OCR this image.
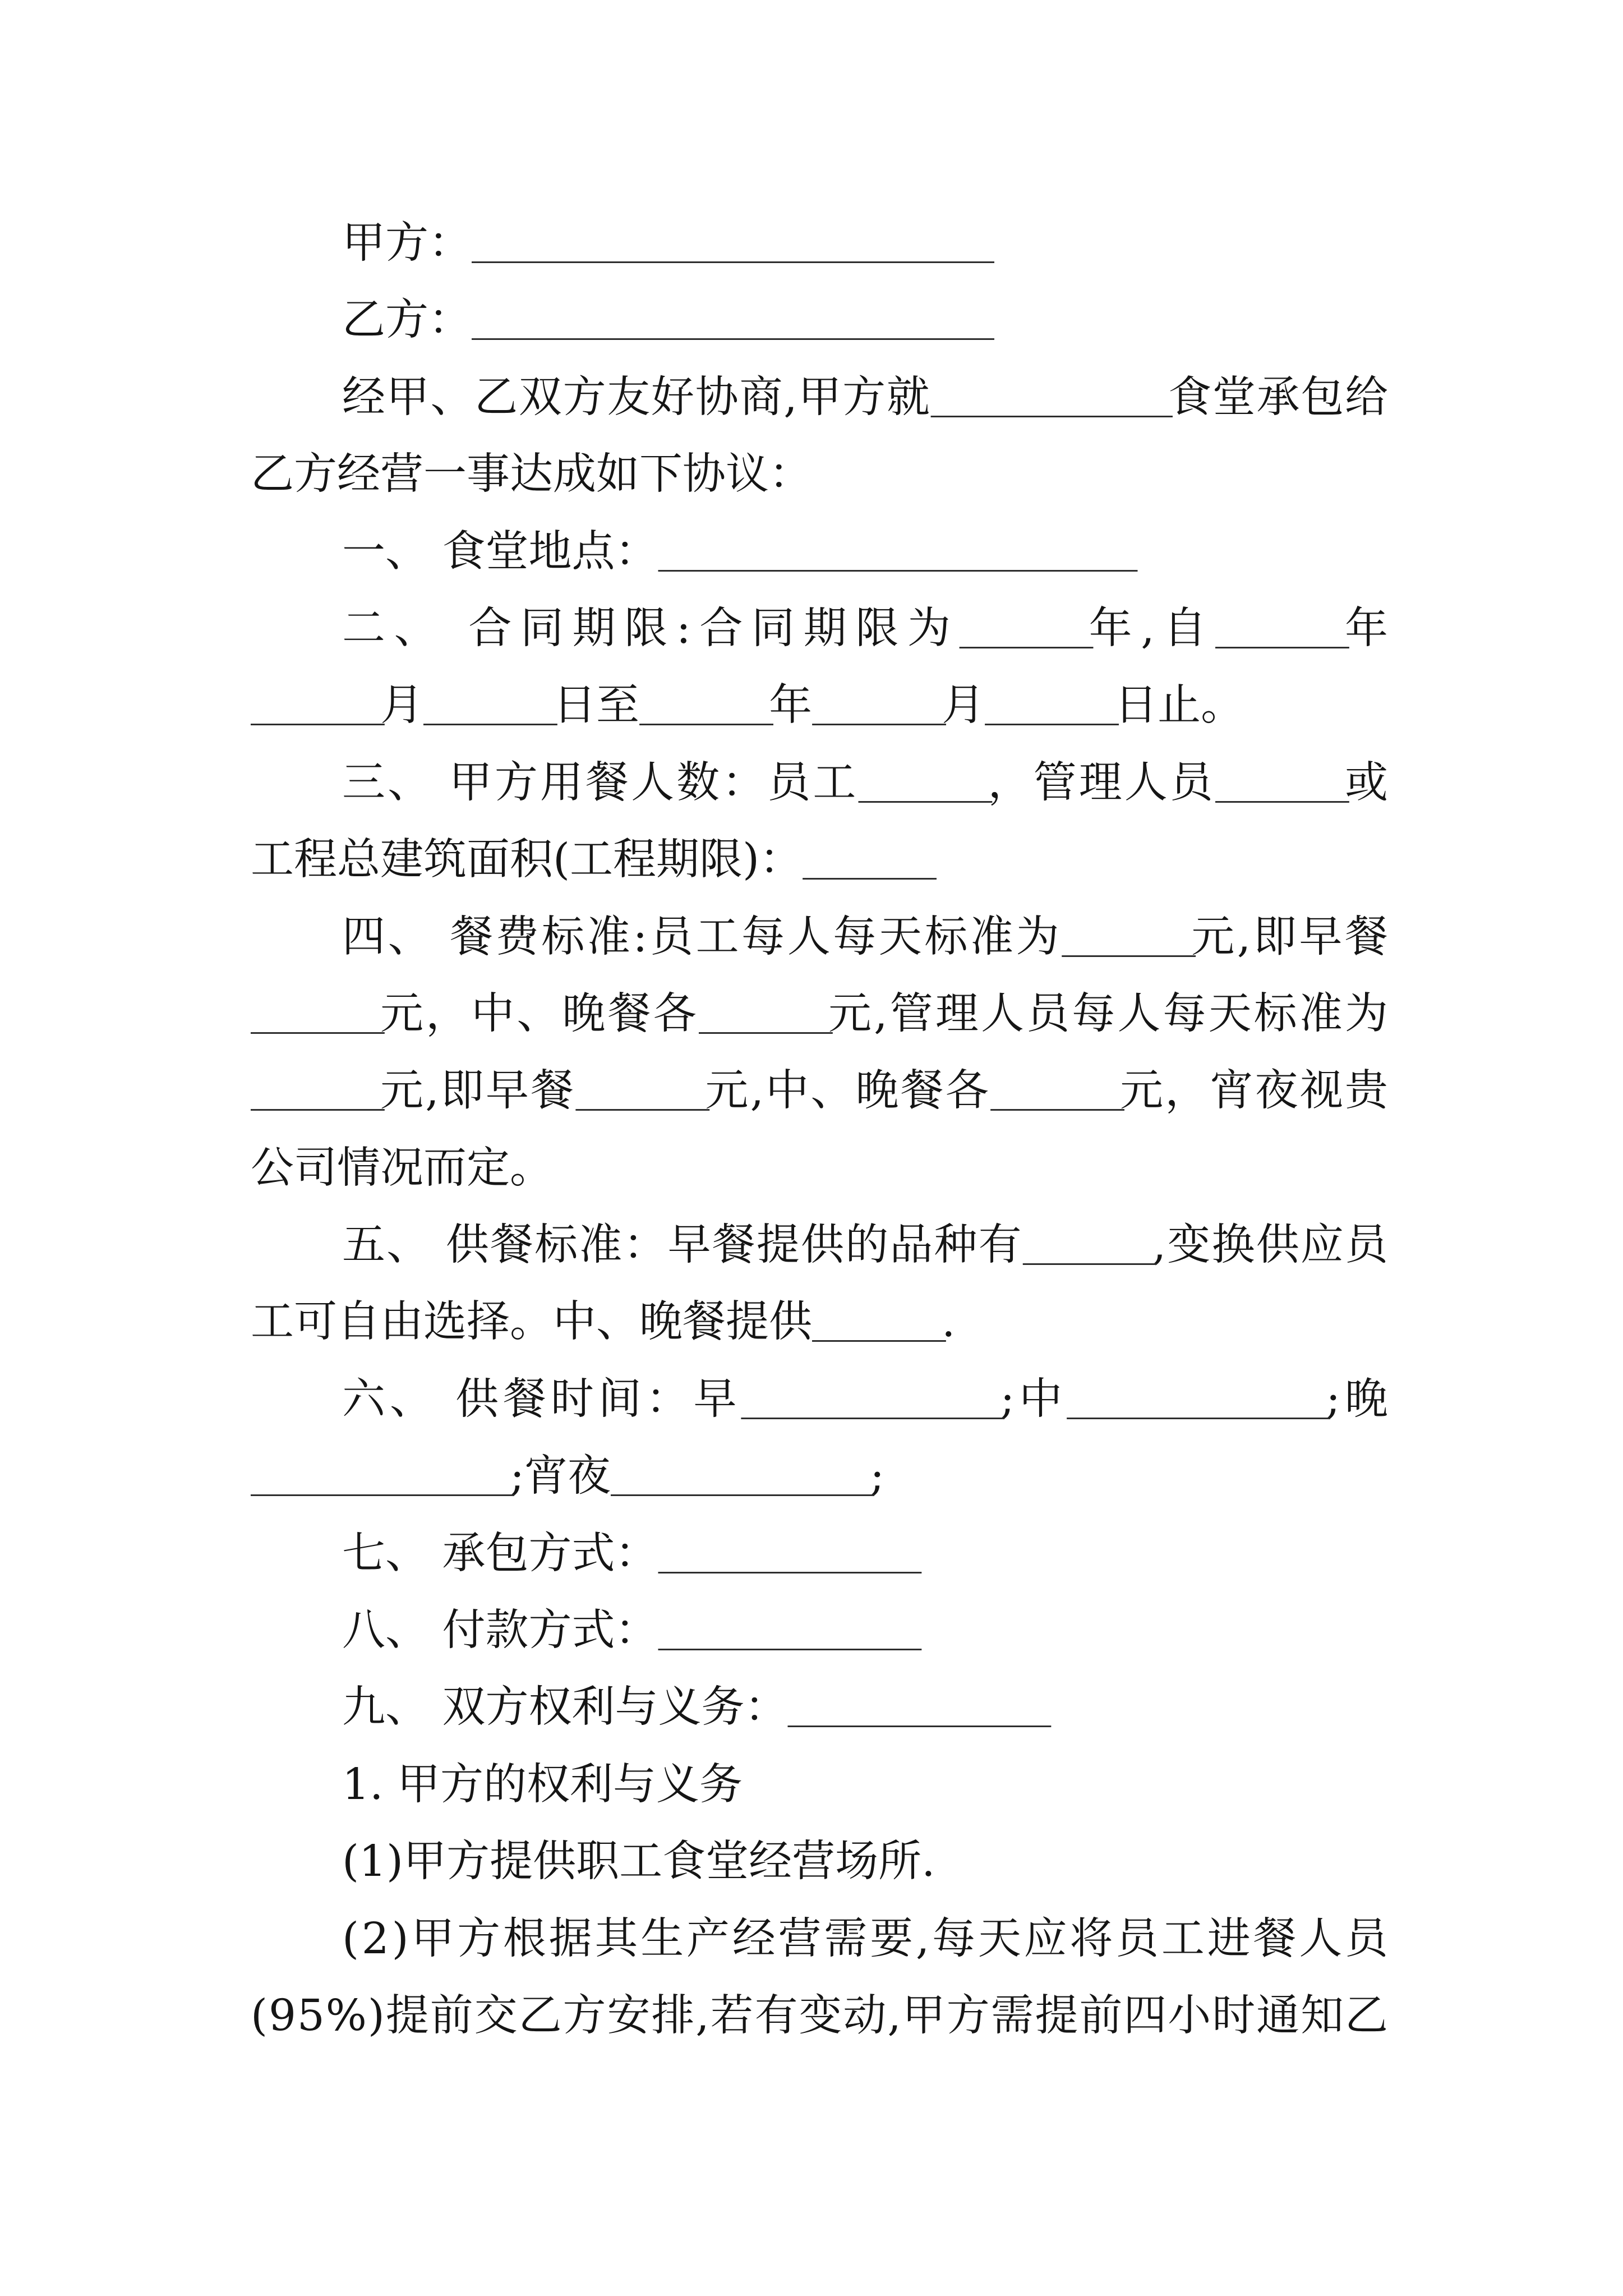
甲方：________________________
乙方：________________________
经甲、乙双方友好协商,甲方就___________食堂承包给
乙方经营一事达成如下协议：
一、 食堂地点：______________________
二、 合同期限:合同期限为______年,自______年
______月______日至______年______月______日止。
三、 甲方用餐人数：员工______，管理人员______或
工程总建筑面积(工程期限)：______
四、 餐费标准:员工每人每天标准为______元,即早餐
______元，中、晚餐各______元,管理人员每人每天标准为
______元,即早餐______元,中、晚餐各______元，宵夜视贵
公司情况而定。
五、 供餐标准：早餐提供的品种有______,变换供应员
工可自由选择。中、晚餐提供______.
六、 供餐时间：早____________;中____________;晚
____________;宵夜____________;
七、 承包方式：____________
八、 付款方式：____________
九、 双方权利与义务：____________
1. 甲方的权利与义务
(1)甲方提供职工食堂经营场所.
(2)甲方根据其生产经营需要,每天应将员工进餐人员
(95%)提前交乙方安排,若有变动,甲方需提前四小时通知乙
